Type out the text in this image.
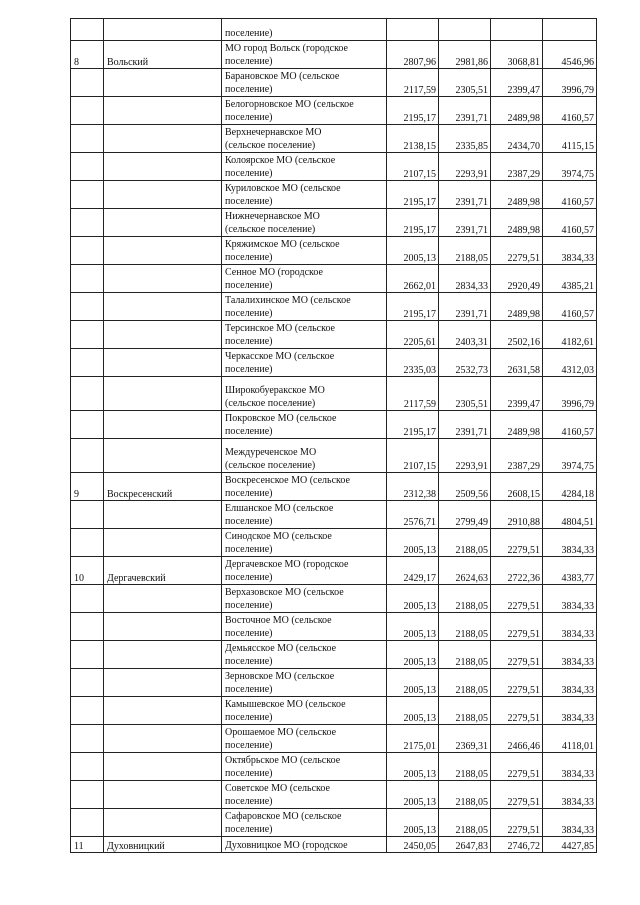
		поселение)				

8	Вольский	МО город Вольск (городское
поселение)	2807,96	2981,86	3068,81	4546,96

		Барановское МО (сельское
поселение)	2117,59	2305,51	2399,47	3996,79

		Белогорновское МО (сельское
поселение)	2195,17	2391,71	2489,98	4160,57

		Верхнечернавское МО
(сельское поселение)	2138,15	2335,85	2434,70	4115,15

		Колоярское МО (сельское
поселение)	2107,15	2293,91	2387,29	3974,75

		Куриловское МО (сельское
поселение)	2195,17	2391,71	2489,98	4160,57

		Нижнечернавское МО
(сельское поселение)	2195,17	2391,71	2489,98	4160,57

		Кряжимское МО (сельское
поселение)	2005,13	2188,05	2279,51	3834,33

		Сенное МО (городское
поселение)	2662,01	2834,33	2920,49	4385,21

		Талалихинское МО (сельское
поселение)	2195,17	2391,71	2489,98	4160,57

		Терсинское МО (сельское
поселение)	2205,61	2403,31	2502,16	4182,61

		Черкасское МО (сельское
поселение)	2335,03	2532,73	2631,58	4312,03

		Широкобуеракское МО
(сельское поселение)	2117,59	2305,51	2399,47	3996,79

		Покровское МО (сельское
поселение)	2195,17	2391,71	2489,98	4160,57

		Междуреченское МО
(сельское поселение)	2107,15	2293,91	2387,29	3974,75
9	Воскресенский	Воскресенское МО (сельское
поселение)	2312,38	2509,56	2608,15	4284,18

		Елшанское МО (сельское
поселение)	2576,71	2799,49	2910,88	4804,51

		Синодское МО (сельское
поселение)	2005,13	2188,05	2279,51	3834,33
10	Дергачевский	Дергачевское МО (городское
поселение)	2429,17	2624,63	2722,36	4383,77

		Верхазовское МО (сельское
поселение)	2005,13	2188,05	2279,51	3834,33

		Восточное МО (сельское
поселение)	2005,13	2188,05	2279,51	3834,33

		Демьясское МО (сельское
поселение)	2005,13	2188,05	2279,51	3834,33

		Зерновское МО (сельское
поселение)	2005,13	2188,05	2279,51	3834,33

		Камышевское МО (сельское
поселение)	2005,13	2188,05	2279,51	3834,33

		Орошаемое МО (сельское
поселение)	2175,01	2369,31	2466,46	4118,01

		Октябрьское МО (сельское
поселение)	2005,13	2188,05	2279,51	3834,33

		Советское МО (сельское
поселение)	2005,13	2188,05	2279,51	3834,33

		Сафаровское МО (сельское
поселение)	2005,13	2188,05	2279,51	3834,33
11	Духовницкий	Духовницкое МО (городское	2450,05	2647,83	2746,72	4427,85
